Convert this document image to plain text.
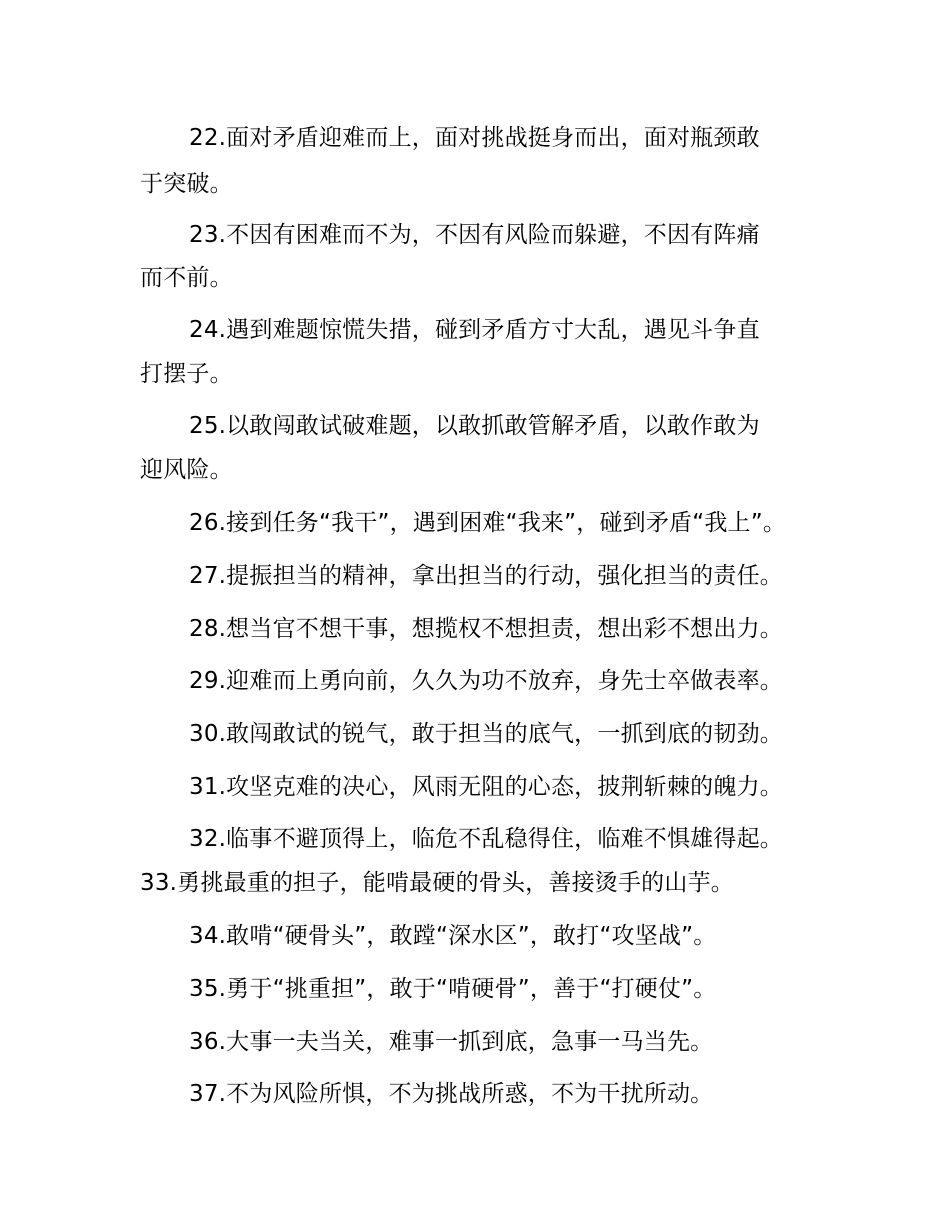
22.面对矛盾迎难而上，面对挑战挺身而出，面对瓶颈敢

于突破。

23.不因有困难而不为，不因有风险而躲避，不因有阵痛

而不前。

24.遇到难题惊慌失措，碰到矛盾方寸大乱，遇见斗争直

打摆子。

25.以敢闯敢试破难题，以敢抓敢管解矛盾，以敢作敢为

迎风险。

26.接到任务“我干”，遇到困难“我来”，碰到矛盾“我上”。

27.提振担当的精神，拿出担当的行动，强化担当的责任。

28.想当官不想干事，想揽权不想担责，想出彩不想出力。

29.迎难而上勇向前，久久为功不放弃，身先士卒做表率。

30.敢闯敢试的锐气，敢于担当的底气，一抓到底的韧劲。

31.攻坚克难的决心，风雨无阻的心态，披荆斩棘的魄力。

32.临事不避顶得上，临危不乱稳得住，临难不惧雄得起。

33.勇挑最重的担子，能啃最硬的骨头，善接烫手的山芋。

34.敢啃“硬骨头”，敢蹚“深水区”，敢打“攻坚战”。

35.勇于“挑重担”，敢于“啃硬骨”，善于“打硬仗”。

36.大事一夫当关，难事一抓到底，急事一马当先。

37.不为风险所惧，不为挑战所惑，不为干扰所动。
